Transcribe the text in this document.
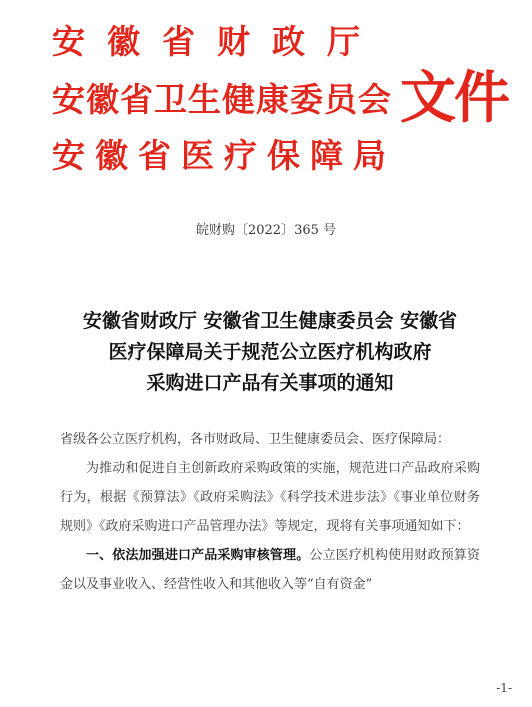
安徽省财政厅
安徽省卫生健康委员会
安徽省医疗保障局
文件
皖财购〔2022〕365 号
安徽省财政厅 安徽省卫生健康委员会 安徽省
医疗保障局关于规范公立医疗机构政府
采购进口产品有关事项的通知

省级各公立医疗机构，各市财政局、卫生健康委员会、医疗保障局：

为推动和促进自主创新政府采购政策的实施，规范进口产品政府采购行为，根据《预算法》《政府采购法》《科学技术进步法》《事业单位财务规则》《政府采购进口产品管理办法》等规定，现将有关事项通知如下：

一、依法加强进口产品采购审核管理。公立医疗机构使用财政预算资金以及事业收入、经营性收入和其他收入等“自有资金”

-1-
